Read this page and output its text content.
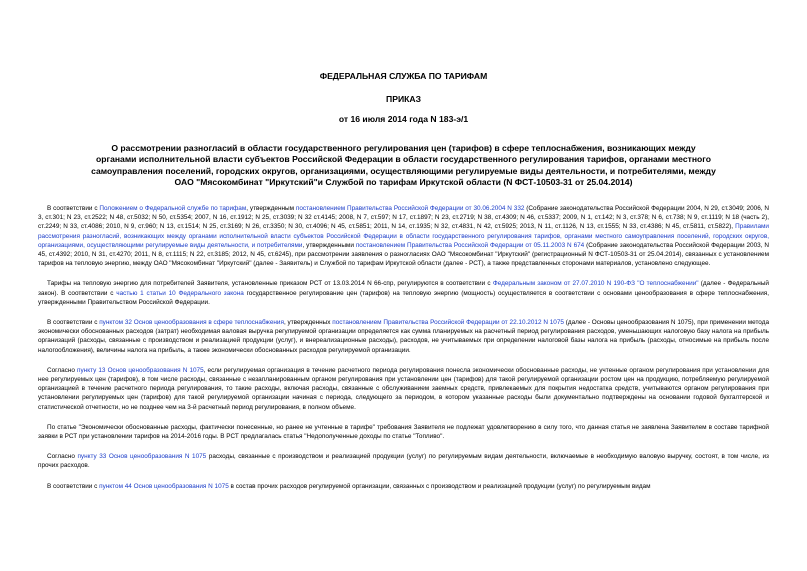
ФЕДЕРАЛЬНАЯ СЛУЖБА ПО ТАРИФАМ

ПРИКАЗ

от 16 июля 2014 года N 183-э/1

О рассмотрении разногласий в области государственного регулирования цен (тарифов) в сфере теплоснабжения, возникающих между органами исполнительной власти субъектов Российской Федерации в области государственного регулирования тарифов, органами местного самоуправления поселений, городских округов, организациями, осуществляющими регулируемые виды деятельности, и потребителями, между ОАО "Мясокомбинат "Иркутский"и Службой по тарифам Иркутской области (N ФСТ-10503-31 от 25.04.2014)

В соответствии с Положением о Федеральной службе по тарифам, утвержденным постановлением Правительства Российской Федерации от 30.06.2004 N 332 (Собрание законодательства Российской Федерации 2004, N 29, ст.3049; 2006, N 3, ст.301; N 23, ст.2522; N 48, ст.5032; N 50, ст.5354; 2007, N 16, ст.1912; N 25, ст.3039; N 32 ст.4145; 2008, N 7, ст.597; N 17, ст.1897; N 23, ст.2719; N 38, ст.4309; N 46, ст.5337; 2009, N 1, ст.142; N 3, ст.378; N 6, ст.738; N 9, ст.1119; N 18 (часть 2), ст.2249; N 33, ст.4086; 2010, N 9, ст.960; N 13, ст.1514; N 25, ст.3169; N 26, ст.3350; N 30, ст.4096; N 45, ст.5851; 2011, N 14, ст.1935; N 32, ст.4831, N 42, ст.5925; 2013, N 11, ст.1126, N 13, ст.1555; N 33, ст.4386; N 45, ст.5811, ст.5822), Правилами рассмотрения разногласий, возникающих между органами исполнительной власти субъектов Российской Федерации в области государственного регулирования тарифов, органами местного самоуправления поселений, городских округов, организациями, осуществляющими регулируемые виды деятельности, и потребителями, утвержденными постановлением Правительства Российской Федерации от 05.11.2003 N 674 (Собрание законодательства Российской Федерации 2003, N 45, ст.4392; 2010, N 31, ст.4270; 2011, N 8, ст.1115; N 22, ст.3185; 2012, N 45, ст.6245), при рассмотрении заявления о разногласиях ОАО "Мясокомбинат "Иркутский" (регистрационный N ФСТ-10503-31 от 25.04.2014), связанных с установлением тарифов на тепловую энергию, между ОАО "Мясокомбинат "Иркутский" (далее - Заявитель) и Службой по тарифам Иркутской области (далее - РСТ), а также представленных сторонами материалов, установлено следующее.

Тарифы на тепловую энергию для потребителей Заявителя, установленные приказом РСТ от 13.03.2014 N 66-спр, регулируются в соответствии с Федеральным законом от 27.07.2010 N 190-ФЗ "О теплоснабжении" (далее - Федеральный закон). В соответствии с частью 1 статьи 10 Федерального закона государственное регулирование цен (тарифов) на тепловую энергию (мощность) осуществляется в соответствии с основами ценообразования в сфере теплоснабжения, утвержденными Правительством Российской Федерации.

В соответствии с пунктом 32 Основ ценообразования в сфере теплоснабжения, утвержденных постановлением Правительства Российской Федерации от 22.10.2012 N 1075 (далее - Основы ценообразования N 1075), при применении метода экономически обоснованных расходов (затрат) необходимая валовая выручка регулируемой организации определяется как сумма планируемых на расчетный период регулирования расходов, уменьшающих налоговую базу налога на прибыль организаций (расходы, связанные с производством и реализацией продукции (услуг), и внереализационные расходы), расходов, не учитываемых при определении налоговой базы налога на прибыль (расходы, относимые на прибыль после налогообложения), величины налога на прибыль, а также экономически обоснованных расходов регулируемой организации.

Согласно пункту 13 Основ ценообразования N 1075, если регулируемая организация в течение расчетного периода регулирования понесла экономически обоснованные расходы, не учтенные органом регулирования при установлении для нее регулируемых цен (тарифов), в том числе расходы, связанные с незапланированным органом регулирования при установлении цен (тарифов) для такой регулируемой организации ростом цен на продукцию, потребляемую регулируемой организацией в течение расчетного периода регулирования, то такие расходы, включая расходы, связанные с обслуживанием заемных средств, привлекаемых для покрытия недостатка средств, учитываются органом регулирования при установлении регулируемых цен (тарифов) для такой регулируемой организации начиная с периода, следующего за периодом, в котором указанные расходы были документально подтверждены на основании годовой бухгалтерской и статистической отчетности, но не позднее чем на 3-й расчетный период регулирования, в полном объеме.

По статье "Экономически обоснованные расходы, фактически понесенные, но ранее не учтенные в тарифе" требования Заявителя не подлежат удовлетворению в силу того, что данная статья не заявлена Заявителем в составе тарифной заявки в РСТ при установлении тарифов на 2014-2016 годы. В РСТ предлагалась статья "Недополученные доходы по статье "Топливо".

Согласно пункту 33 Основ ценообразования N 1075 расходы, связанные с производством и реализацией продукции (услуг) по регулируемым видам деятельности, включаемые в необходимую валовую выручку, состоят, в том числе, из прочих расходов.

В соответствии с пунктом 44 Основ ценообразования N 1075 в состав прочих расходов регулируемой организации, связанных с производством и реализацией продукции (услуг) по регулируемым видам
